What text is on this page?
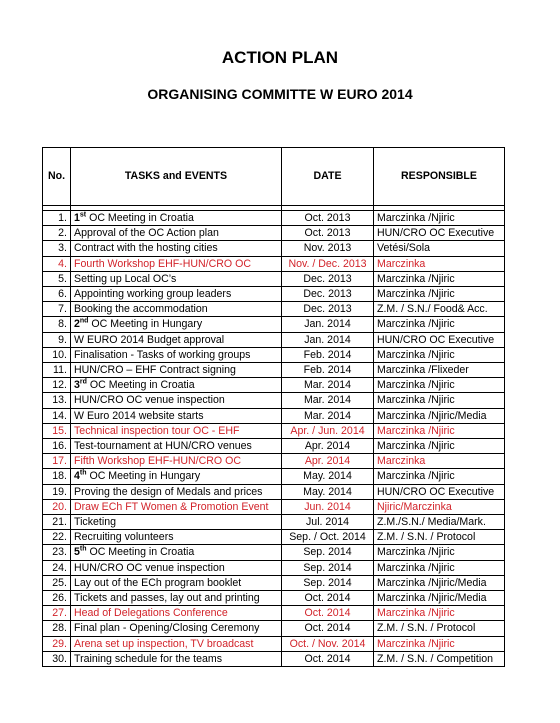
ACTION PLAN
ORGANISING COMMITTE W EURO 2014
No.	TASKS and EVENTS	DATE	RESPONSIBLE

1.	1st OC Meeting in Croatia	Oct. 2013	Marczinka /Njiric
2.	Approval of the OC Action plan	Oct. 2013	HUN/CRO OC Executive
3.	Contract with the hosting cities	Nov. 2013	Vetési/Sola
4.	Fourth Workshop EHF-HUN/CRO OC	Nov. / Dec. 2013	Marczinka
5.	Setting up Local OC’s	Dec. 2013	Marczinka /Njiric
6.	Appointing working group leaders	Dec. 2013	Marczinka /Njiric
7.	Booking the accommodation	Dec. 2013	Z.M. / S.N./ Food& Acc.
8.	2nd OC Meeting in Hungary	Jan. 2014	Marczinka /Njiric
9.	W EURO 2014 Budget approval	Jan. 2014	HUN/CRO OC Executive
10.	Finalisation - Tasks of working groups	Feb. 2014	Marczinka /Njiric
11.	HUN/CRO – EHF Contract signing	Feb. 2014	Marczinka /Flixeder
12.	3rd OC Meeting in Croatia	Mar. 2014	Marczinka /Njiric
13.	HUN/CRO OC venue inspection	Mar. 2014	Marczinka /Njiric
14.	W Euro 2014 website starts	Mar. 2014	Marczinka /Njiric/Media
15.	Technical inspection tour OC - EHF	Apr. / Jun. 2014	Marczinka /Njiric
16.	Test-tournament at HUN/CRO venues	Apr. 2014	Marczinka /Njiric
17.	Fifth Workshop EHF-HUN/CRO OC	Apr. 2014	Marczinka
18.	4th OC Meeting in Hungary	May. 2014	Marczinka /Njiric
19.	Proving the design of Medals and prices	May. 2014	HUN/CRO OC Executive
20.	Draw ECh FT Women & Promotion Event	Jun. 2014	Njiric/Marczinka
21.	Ticketing	Jul. 2014	Z.M./S.N./ Media/Mark.
22.	Recruiting volunteers	Sep. / Oct. 2014	Z.M. / S.N. / Protocol
23.	5th OC Meeting in Croatia	Sep. 2014	Marczinka /Njiric
24.	HUN/CRO OC venue inspection	Sep. 2014	Marczinka /Njiric
25.	Lay out of the ECh program booklet	Sep. 2014	Marczinka /Njiric/Media
26.	Tickets and passes, lay out and printing	Oct. 2014	Marczinka /Njiric/Media
27.	Head of Delegations Conference	Oct. 2014	Marczinka /Njiric
28.	Final plan - Opening/Closing Ceremony	Oct. 2014	Z.M. / S.N. / Protocol
29.	Arena set up inspection, TV broadcast	Oct. / Nov. 2014	Marczinka /Njiric
30.	Training schedule for the teams	Oct. 2014	Z.M. / S.N. / Competition
